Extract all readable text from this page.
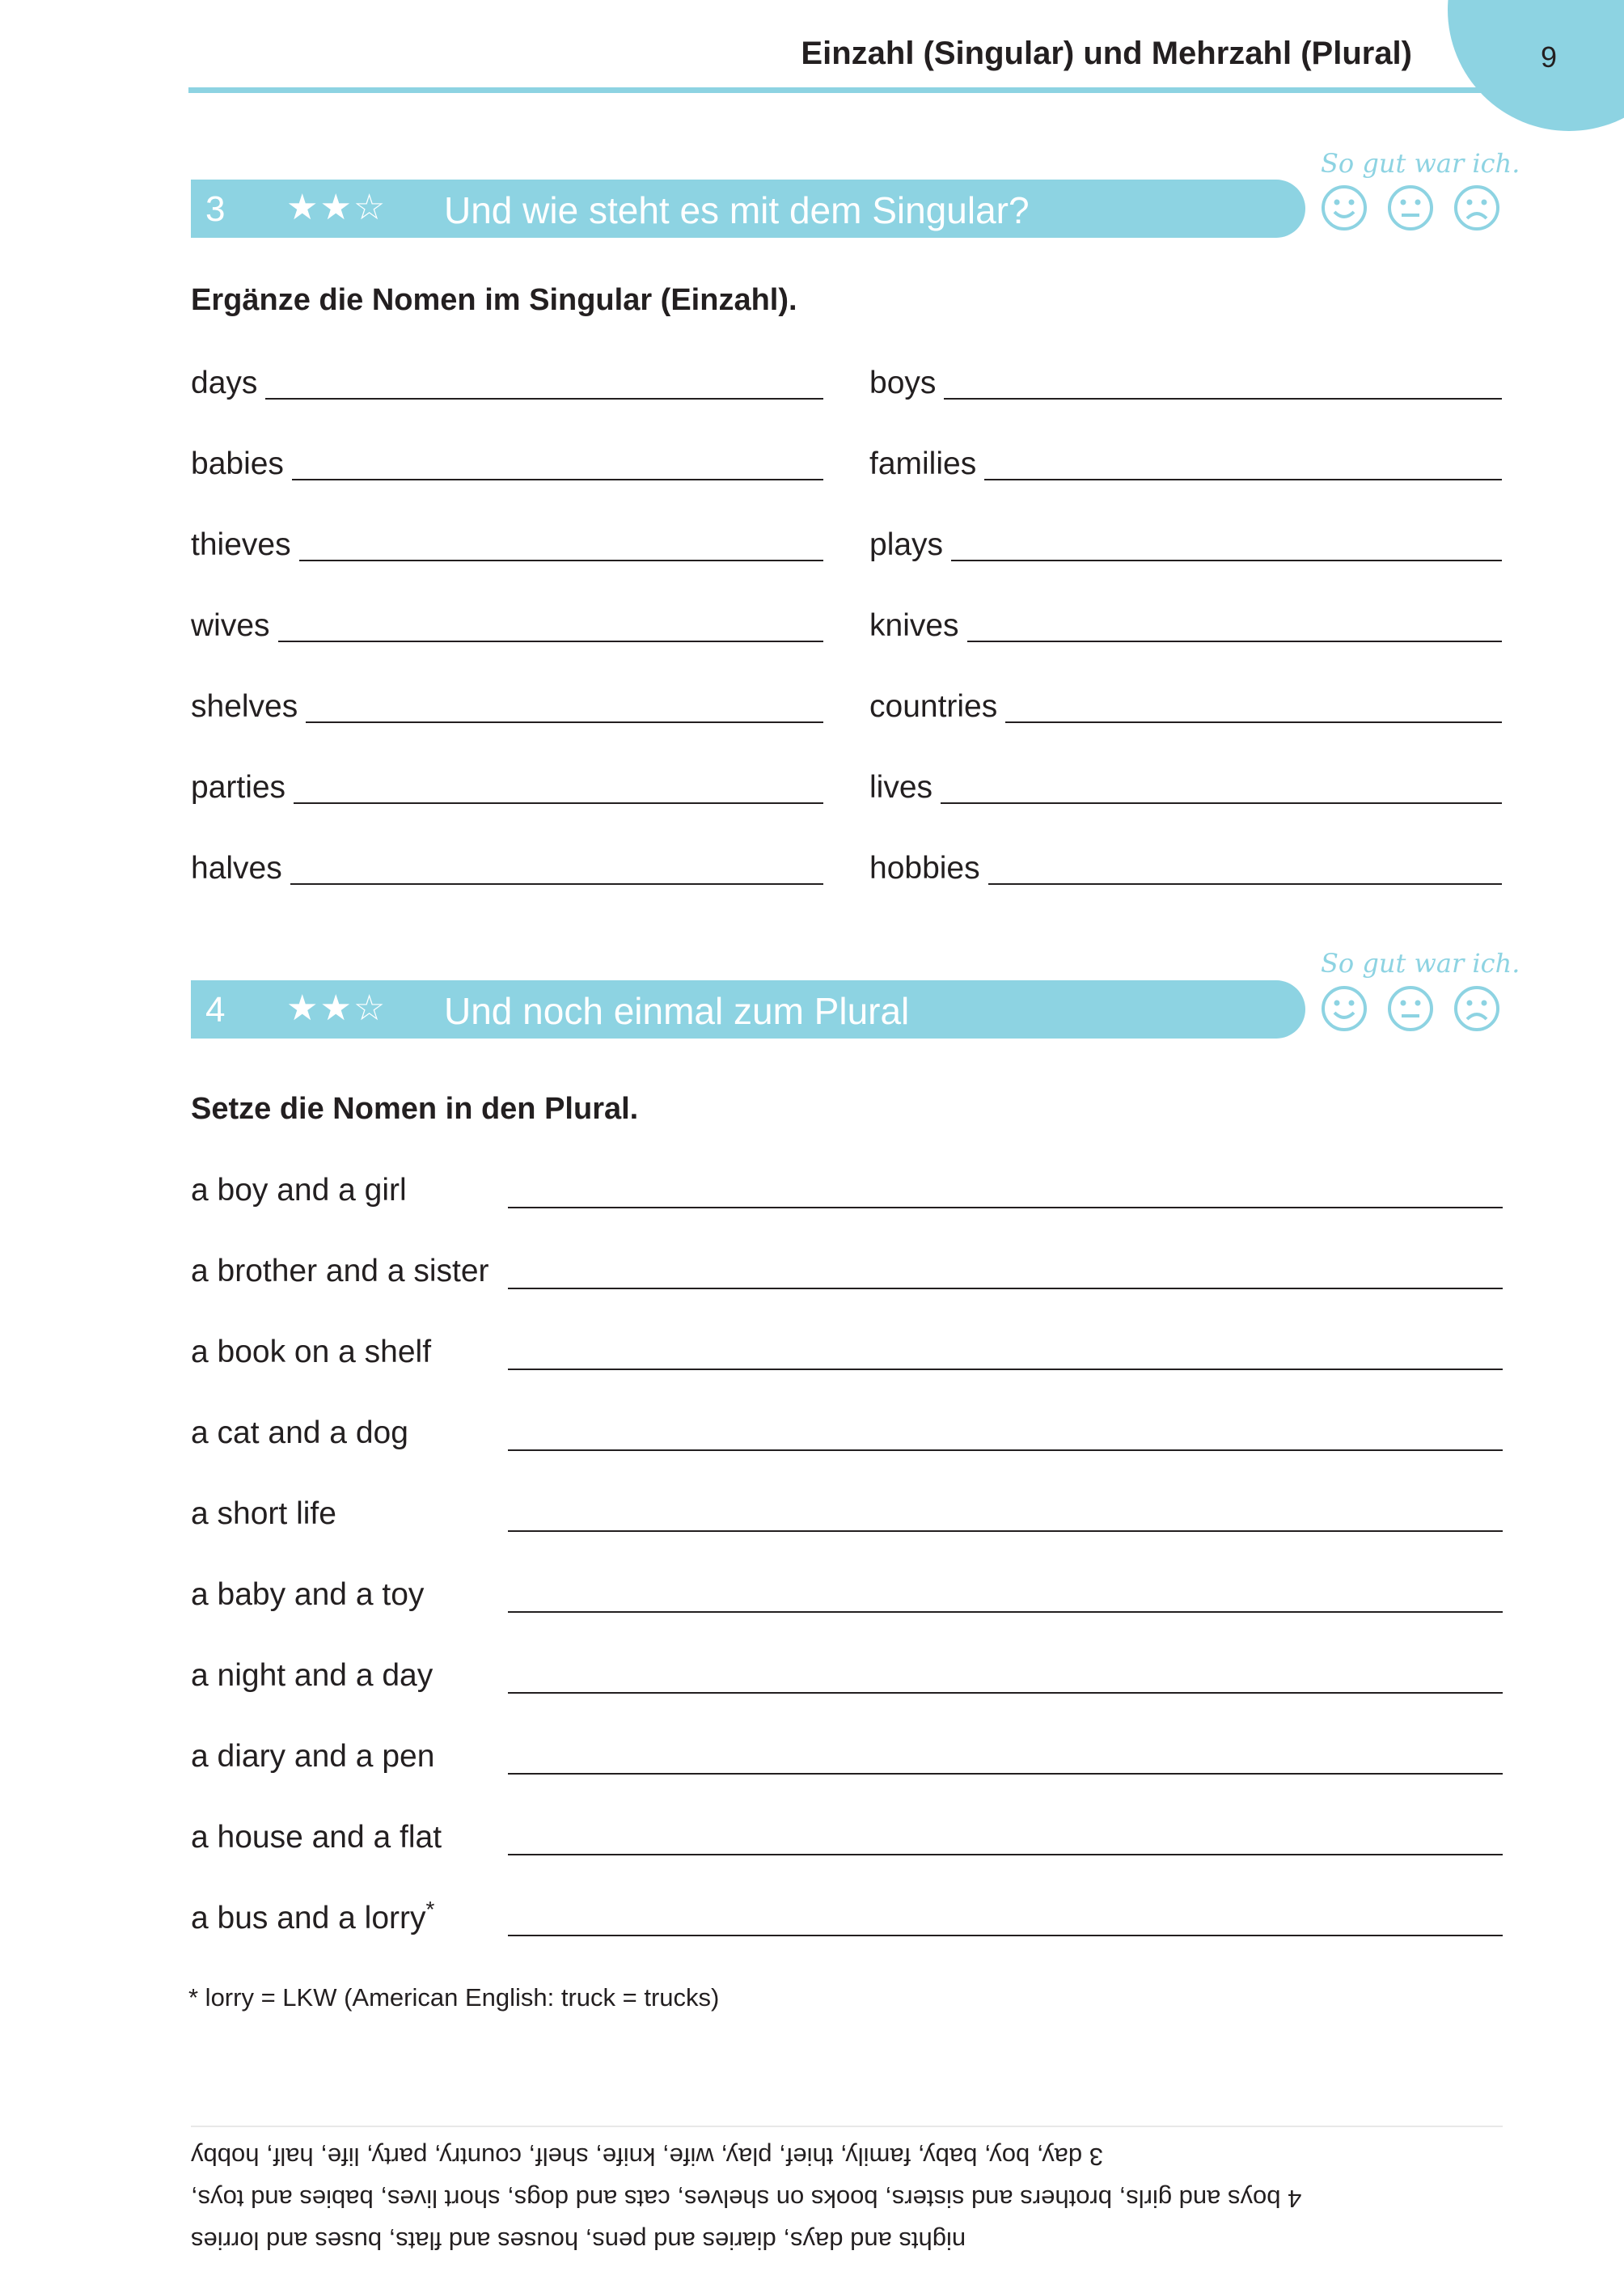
9
Einzahl (Singular) und Mehrzahl (Plural)
So gut war ich.
3 ★★☆ Und wie steht es mit dem Singular?
Ergänze die Nomen im Singular (Einzahl).
days
babies
thieves
wives
shelves
parties
halves
boys
families
plays
knives
countries
lives
hobbies
So gut war ich.
4 ★★☆ Und noch einmal zum Plural
Setze die Nomen in den Plural.
a boy and a girl
a brother and a sister
a book on a shelf
a cat and a dog
a short life
a baby and a toy
a night and a day
a diary and a pen
a house and a flat
a bus and a lorry*
* lorry = LKW (American English: truck = trucks)
nights and days, diaries and pens, houses and flats, buses and lorries
4 boys and girls, brothers and sisters, books on shelves, cats and dogs, short lives, babies and toys,
3 day, boy, baby, family, thief, play, wife, knife, shelf, country, party, life, half, hobby
